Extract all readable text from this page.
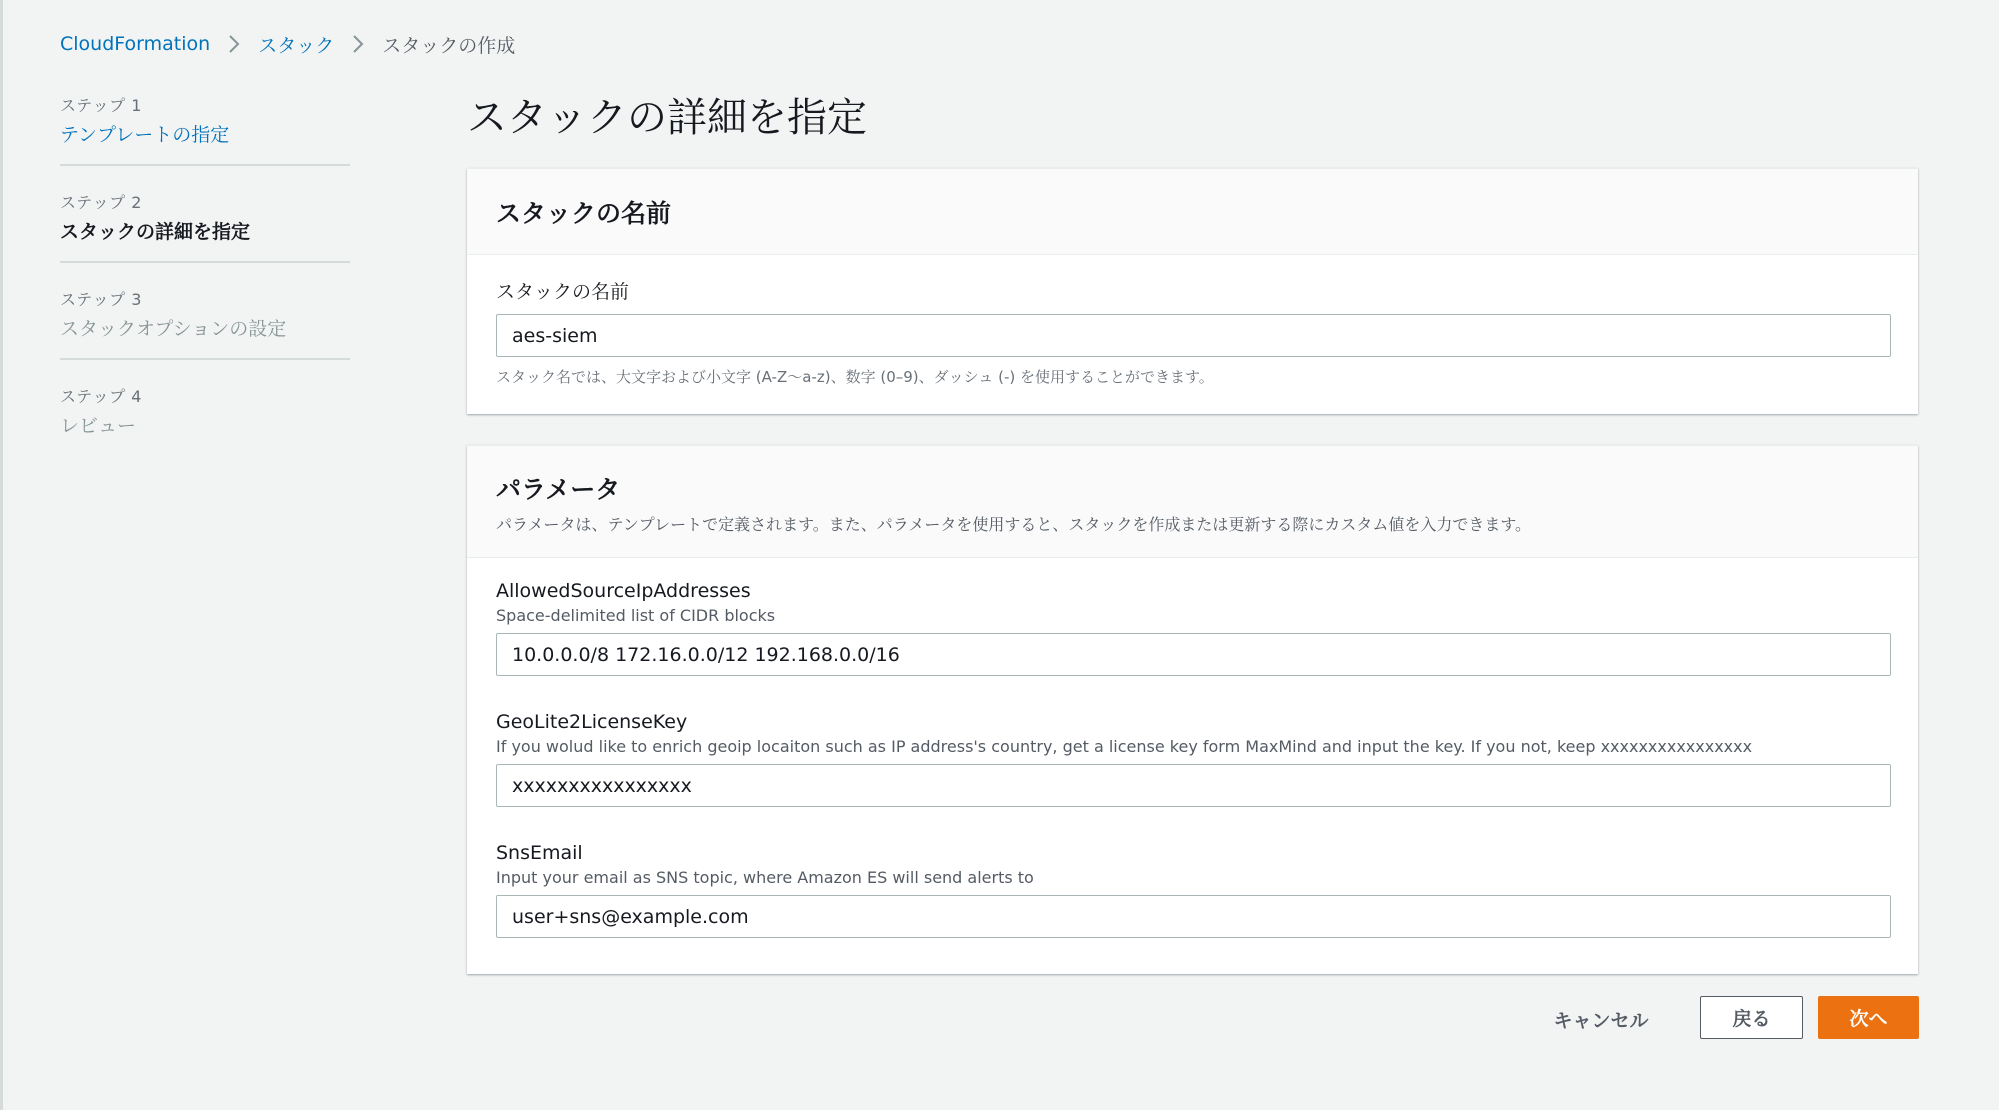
CloudFormation	スタック	スタックの作成
ステップ 1
テンプレートの指定
ステップ 2
スタックの詳細を指定
ステップ 3
スタックオプションの設定
ステップ 4
レビュー
スタックの詳細を指定
スタックの名前
スタックの名前
aes-siem
スタック名では、大文字および小文字 (A-Z〜a-z)、数字 (0–9)、ダッシュ (-) を使用することができます。
パラメータ
パラメータは、テンプレートで定義されます。また、パラメータを使用すると、スタックを作成または更新する際にカスタム値を入力できます。
AllowedSourceIpAddresses
Space-delimited list of CIDR blocks
10.0.0.0/8 172.16.0.0/12 192.168.0.0/16
GeoLite2LicenseKey
If you wolud like to enrich geoip locaiton such as IP address's country, get a license key form MaxMind and input the key. If you not, keep xxxxxxxxxxxxxxxx
xxxxxxxxxxxxxxxx
SnsEmail
Input your email as SNS topic, where Amazon ES will send alerts to
user+sns@example.com
キャンセル	戻る	次へ
